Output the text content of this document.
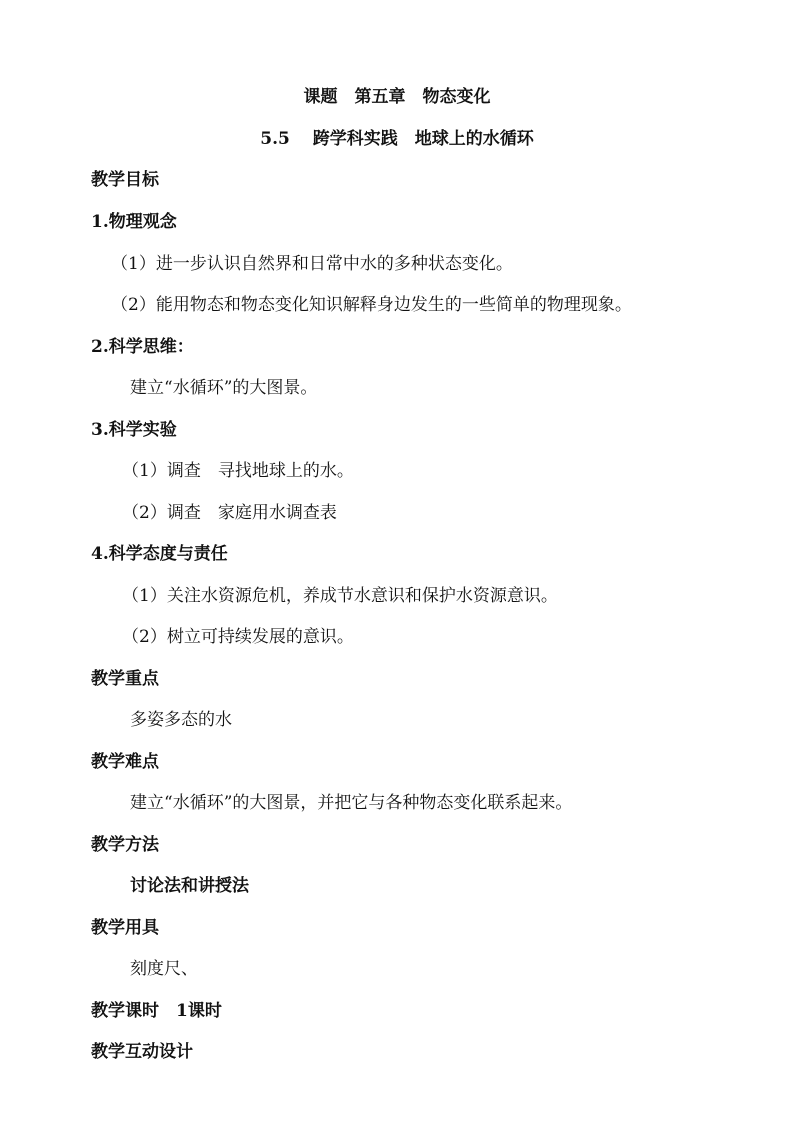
课题　第五章　物态变化
5.5　 跨学科实践　地球上的水循环
教学目标
1.物理观念
（1）进一步认识自然界和日常中水的多种状态变化。
（2）能用物态和物态变化知识解释身边发生的一些简单的物理现象。
2.科学思维：
建立“水循环”的大图景。
3.科学实验
（1）调查　寻找地球上的水。
（2）调查　家庭用水调查表
4.科学态度与责任
（1）关注水资源危机，养成节水意识和保护水资源意识。
（2）树立可持续发展的意识。
教学重点
多姿多态的水
教学难点
建立“水循环”的大图景，并把它与各种物态变化联系起来。
教学方法
讨论法和讲授法
教学用具
刻度尺、
教学课时　1课时
教学互动设计
